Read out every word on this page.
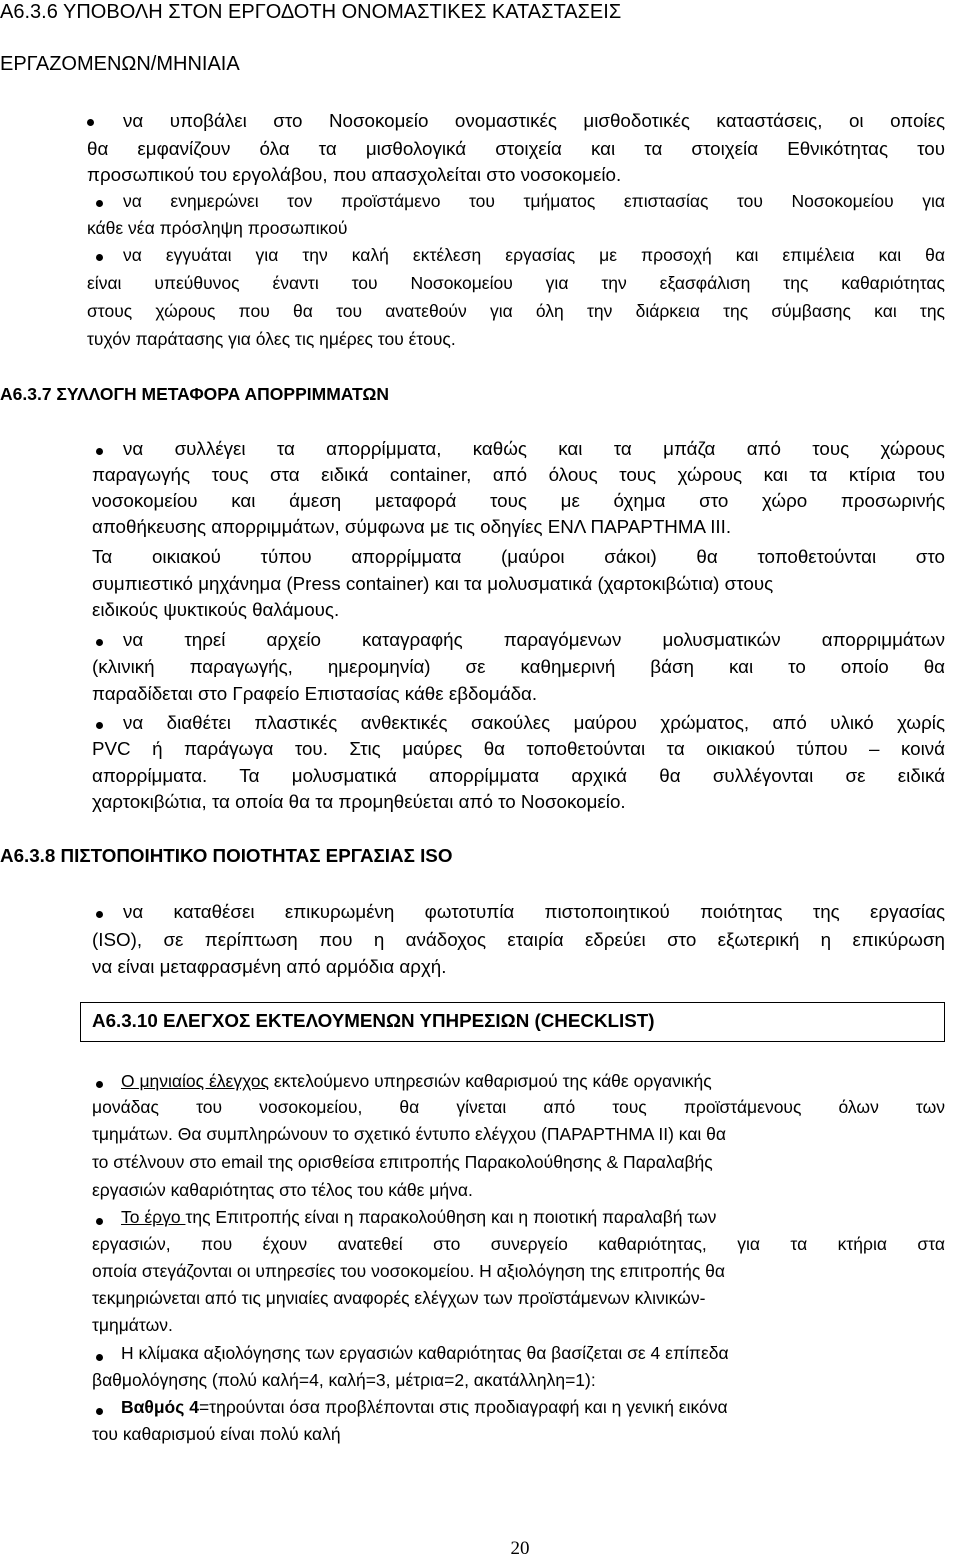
Α6.3.6 ΥΠΟΒΟΛΗ ΣΤΟΝ ΕΡΓΟΔΟΤΗ ΟΝΟΜΑΣΤΙΚΕΣ ΚΑΤΑΣΤΑΣΕΙΣ
ΕΡΓΑΖΟΜΕΝΩΝ/ΜΗΝΙΑΙΑ
να υποβάλει στο Νοσοκομείο ονομαστικές μισθοδοτικές καταστάσεις, οι οποίες
θα εμφανίζουν όλα τα μισθολογικά στοιχεία και τα στοιχεία Εθνικότητας του
προσωπικού του εργολάβου, που απασχολείται στο νοσοκομείο.
να ενημερώνει τον προϊστάμενο του τμήματος επιστασίας του Νοσοκομείου για
κάθε νέα πρόσληψη προσωπικού
να εγγυάται για την καλή εκτέλεση εργασίας με προσοχή και επιμέλεια και θα
είναι υπεύθυνος έναντι του Νοσοκομείου για την εξασφάλιση της καθαριότητας
στους χώρους που θα του ανατεθούν για όλη την διάρκεια της σύμβασης και της
τυχόν παράτασης για όλες τις ημέρες του έτους.
Α6.3.7 ΣΥΛΛΟΓΗ ΜΕΤΑΦΟΡΑ ΑΠΟΡΡΙΜΜΑΤΩΝ
να συλλέγει τα απορρίμματα, καθώς και τα μπάζα από τους χώρους
παραγωγής τους στα ειδικά container, από όλους τους χώρους και τα κτίρια του
νοσοκομείου και άμεση μεταφορά τους με όχημα στο χώρο προσωρινής
αποθήκευσης απορριμμάτων, σύμφωνα με τις οδηγίες ΕΝΛ ΠΑΡΑΡΤΗΜΑ ΙΙΙ.
Τα οικιακού τύπου απορρίμματα (μαύροι σάκοι) θα τοποθετούνται στο
συμπιεστικό μηχάνημα (Press container) και τα μολυσματικά (χαρτοκιβώτια) στους
ειδικούς ψυκτικούς θαλάμους.
να τηρεί αρχείο καταγραφής παραγόμενων μολυσματικών απορριμμάτων
(κλινική παραγωγής, ημερομηνία) σε καθημερινή βάση και το οποίο θα
παραδίδεται στο Γραφείο Επιστασίας κάθε εβδομάδα.
να διαθέτει πλαστικές ανθεκτικές σακούλες μαύρου χρώματος, από υλικό χωρίς
PVC ή παράγωγα του. Στις μαύρες θα τοποθετούνται τα οικιακού τύπου – κοινά
απορρίμματα. Τα μολυσματικά απορρίμματα αρχικά θα συλλέγονται σε ειδικά
χαρτοκιβώτια, τα οποία θα τα προμηθεύεται από το Νοσοκομείο.
Α6.3.8 ΠΙΣΤΟΠΟΙΗΤΙΚΟ ΠΟΙΟΤΗΤΑΣ ΕΡΓΑΣΙΑΣ ISO
να καταθέσει επικυρωμένη φωτοτυπία πιστοποιητικού ποιότητας της εργασίας
(ISO), σε περίπτωση που η ανάδοχος εταιρία εδρεύει στο εξωτερική η επικύρωση
να είναι μεταφρασμένη από αρμόδια αρχή.
Α6.3.10 ΕΛΕΓΧΟΣ ΕΚΤΕΛΟΥΜΕΝΩΝ ΥΠΗΡΕΣΙΩΝ (CHECKLIST)
Ο μηνιαίος έλεγχος εκτελούμενο υπηρεσιών καθαρισμού της κάθε οργανικής
μονάδας του νοσοκομείου, θα γίνεται από τους προϊστάμενους όλων των
τμημάτων. Θα συμπληρώνουν το σχετικό έντυπο ελέγχου (ΠΑΡΑΡΤΗΜΑ ΙΙ) και θα
το στέλνουν στο email της ορισθείσα επιτροπής Παρακολούθησης & Παραλαβής
εργασιών καθαριότητας στο τέλος του κάθε μήνα.
Το έργο της Επιτροπής είναι η παρακολούθηση και η ποιοτική παραλαβή των
εργασιών, που έχουν ανατεθεί στο συνεργείο καθαριότητας, για τα κτήρια στα
οποία στεγάζονται οι υπηρεσίες του νοσοκομείου. Η αξιολόγηση της επιτροπής θα
τεκμηριώνεται από τις μηνιαίες αναφορές ελέγχων των προϊστάμενων κλινικών-
τμημάτων.
Η κλίμακα αξιολόγησης των εργασιών καθαριότητας θα βασίζεται σε 4 επίπεδα
βαθμολόγησης (πολύ καλή=4, καλή=3, μέτρια=2, ακατάλληλη=1):
Βαθμός 4=τηρούνται όσα προβλέπονται στις προδιαγραφή και η γενική εικόνα
του καθαρισμού είναι πολύ καλή
20
